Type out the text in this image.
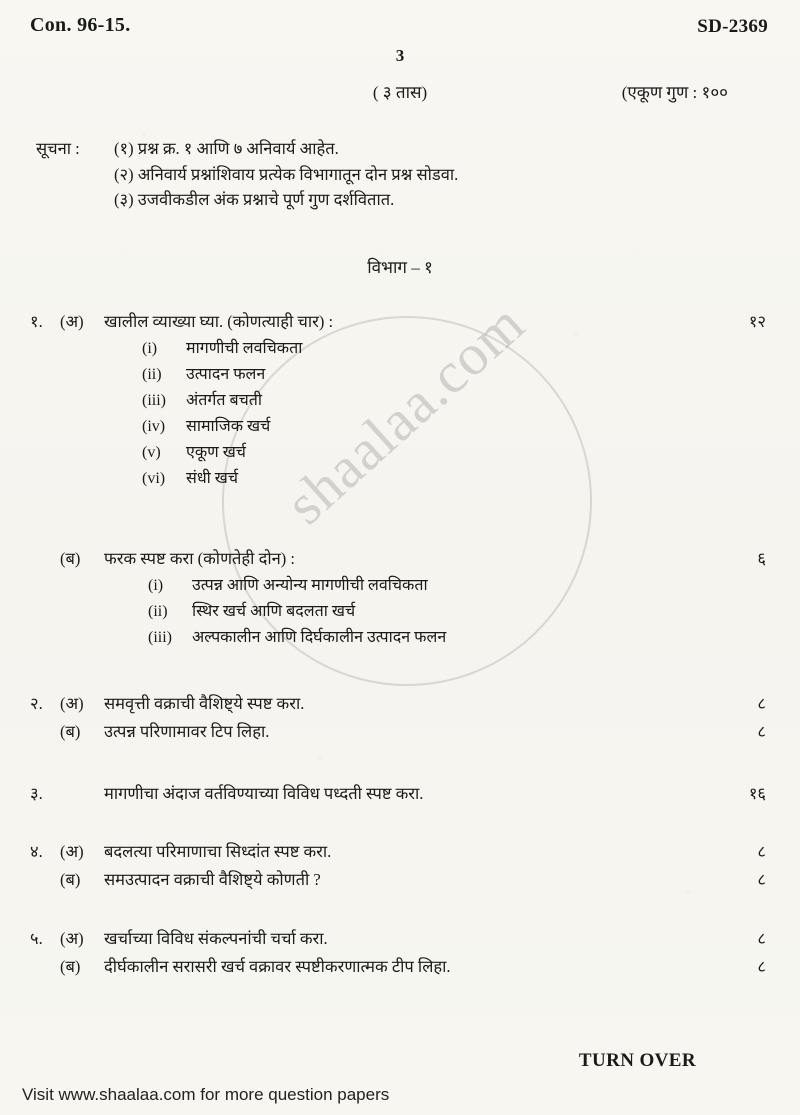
shaalaa.com
Con. 96-15.	SD-2369
3
( ३ तास)	(एकूण गुण : १००
सूचना :	(१) प्रश्न क्र. १ आणि ७ अनिवार्य आहेत.
(२) अनिवार्य प्रश्नांशिवाय प्रत्येक विभागातून दोन प्रश्न सोडवा.
(३) उजवीकडील अंक प्रश्नाचे पूर्ण गुण दर्शवितात.
विभाग – १
१.	(अ)	खालील व्याख्या घ्या. (कोणत्याही चार) :	१२
(i)	मागणीची लवचिकता
(ii)	उत्पादन फलन
(iii)	अंतर्गत बचती
(iv)	सामाजिक खर्च
(v)	एकूण खर्च
(vi)	संधी खर्च
(ब)	फरक स्पष्ट करा (कोणतेही दोन) :	६
(i)	उत्पन्न आणि अन्योन्य मागणीची लवचिकता
(ii)	स्थिर खर्च आणि बदलता खर्च
(iii)	अल्पकालीन आणि दिर्घकालीन उत्पादन फलन
२.	(अ)	समवृत्ती वक्राची वैशिष्ट्ये स्पष्ट करा.	८
(ब)	उत्पन्न परिणामावर टिप लिहा.	८
३.	मागणीचा अंदाज वर्तविण्याच्या विविध पध्दती स्पष्ट करा.	१६
४.	(अ)	बदलत्या परिमाणाचा सिध्दांत स्पष्ट करा.	८
(ब)	समउत्पादन वक्राची वैशिष्ट्ये कोणती ?	८
५.	(अ)	खर्चाच्या विविध संकल्पनांची चर्चा करा.	८
(ब)	दीर्घकालीन सरासरी खर्च वक्रावर स्पष्टीकरणात्मक टीप लिहा.	८
TURN OVER
Visit www.shaalaa.com for more question papers
